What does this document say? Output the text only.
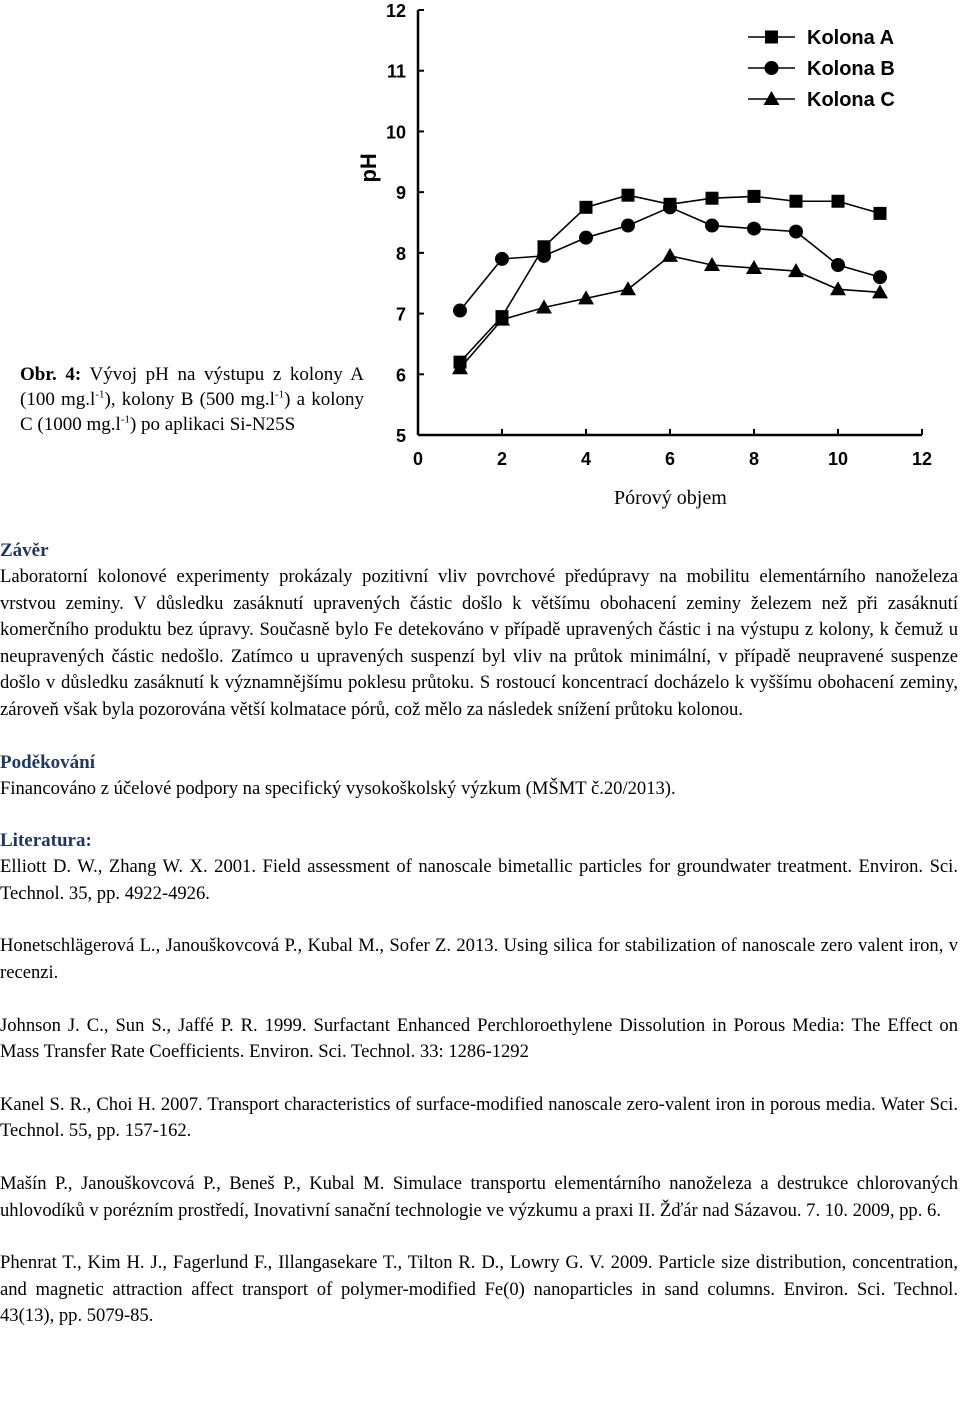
Obr. 4: Vývoj pH na výstupu z kolony A (100 $mg.l^{-1}$), kolony B (500 $mg.l^{-1}$) a kolony C (1000 $mg.l^{-1}$) po aplikaci Si-N25S
5
6
7
8
9
10
11
12
0	2	4	6	8	10	12
pH
Kolona A
Kolona B
Kolona C
Pórový objem
Závěr

Laboratorní kolonové experimenty prokázaly pozitivní vliv povrchové předúpravy na mobilitu elementárního nanoželeza vrstvou zeminy. V důsledku zasáknutí upravených částic došlo k většímu obohacení zeminy železem než při zasáknutí komerčního produktu bez úpravy. Současně bylo Fe detekováno v případě upravených částic i na výstupu z kolony, k čemuž u neupravených částic nedošlo. Zatímco u upravených suspenzí byl vliv na průtok minimální, v případě neupravené suspenze došlo v důsledku zasáknutí k významnějšímu poklesu průtoku. S rostoucí koncentrací docházelo k vyššímu obohacení zeminy, zároveň však byla pozorována větší kolmatace pórů, což mělo za následek snížení průtoku kolonou.

Poděkování

Financováno z účelové podpory na specifický vysokoškolský výzkum (MŠMT č.20/2013).

Literatura:

Elliott D. W., Zhang W. X. 2001. Field assessment of nanoscale bimetallic particles for groundwater treatment. Environ. Sci. Technol. 35, pp. 4922-4926.

Honetschlägerová L., Janouškovcová P., Kubal M., Sofer Z. 2013. Using silica for stabilization of nanoscale zero valent iron, v recenzi.

Johnson J. C., Sun S., Jaffé P. R. 1999. Surfactant Enhanced Perchloroethylene Dissolution in Porous Media: The Effect on Mass Transfer Rate Coefficients. Environ. Sci. Technol. 33: 1286-1292

Kanel S. R., Choi H. 2007. Transport characteristics of surface-modified nanoscale zero-valent iron in porous media. Water Sci. Technol. 55, pp. 157-162.

Mašín P., Janouškovcová P., Beneš P., Kubal M. Simulace transportu elementárního nanoželeza a destrukce chlorovaných uhlovodíků v porézním prostředí, Inovativní sanační technologie ve výzkumu a praxi II. Žďár nad Sázavou. 7. 10. 2009, pp. 6.

Phenrat T., Kim H. J., Fagerlund F., Illangasekare T., Tilton R. D., Lowry G. V. 2009. Particle size distribution, concentration, and magnetic attraction affect transport of polymer-modified Fe(0) nanoparticles in sand columns. Environ. Sci. Technol. 43(13), pp. 5079-85.
